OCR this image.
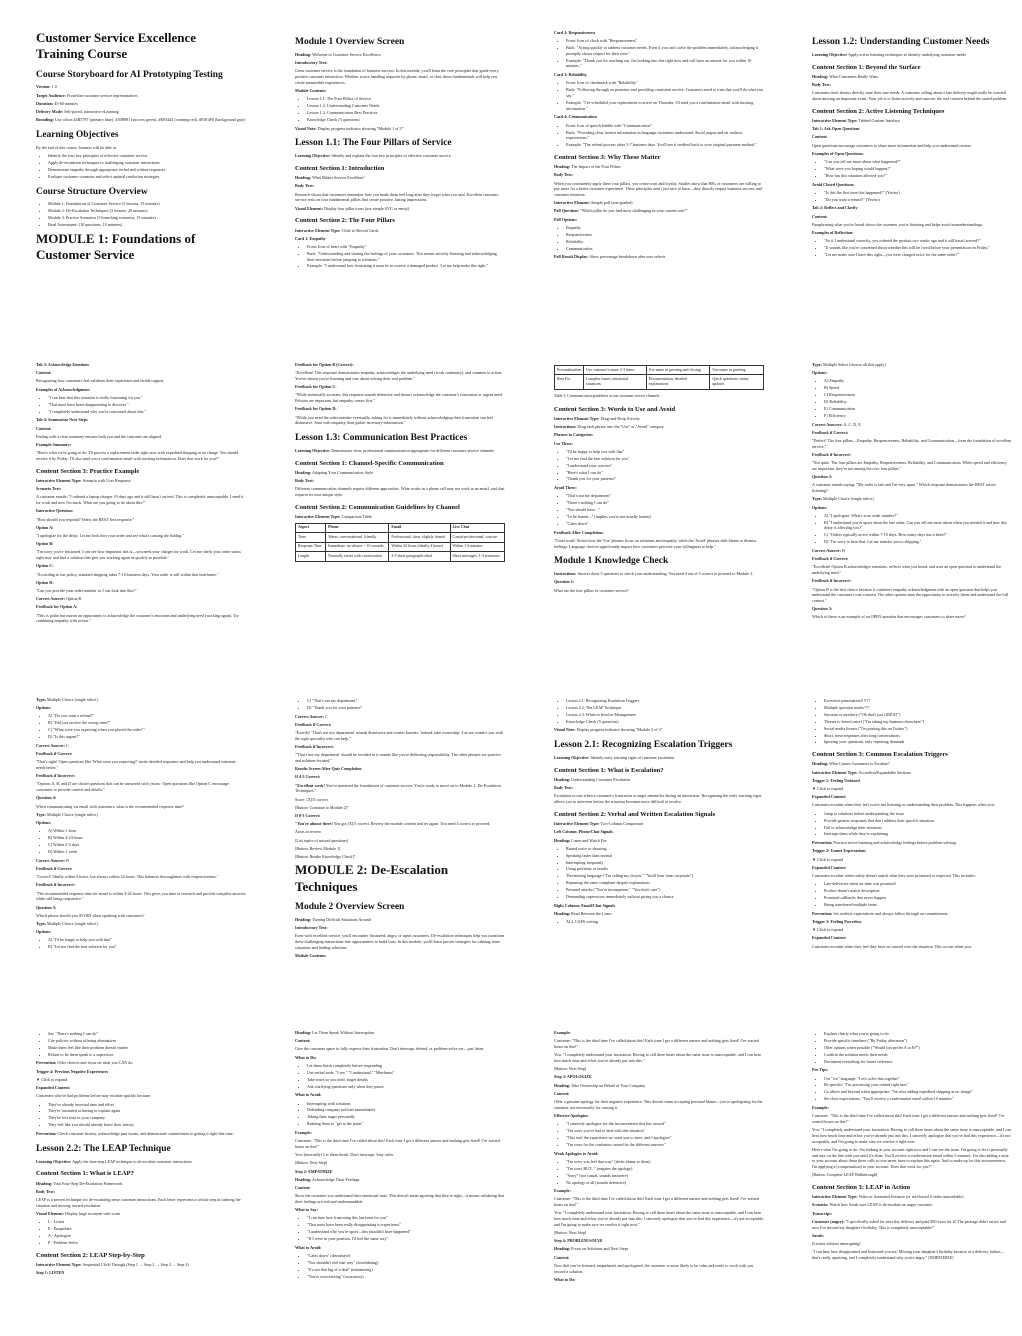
Customer Service Excellence Training Course
Course Storyboard for AI Prototyping Testing

Version: 1.0

Target Audience: Front-line customer service representatives

Duration: 45-60 minutes

Delivery Mode: Self-paced, interactive eLearning

Branding: Use colors #2B5797 (primary blue), #10B981 (success green), #EF4444 (warning red), #F3F4F6 (background gray)

Learning Objectives

By the end of this course, learners will be able to:

• Identify the four key principles of effective customer service
• Apply de-escalation techniques to challenging customer interactions
• Demonstrate empathy through appropriate verbal and written responses
• Evaluate customer scenarios and select optimal resolution strategies
Course Structure Overview
• Module 1: Foundations of Customer Service (3 lessons, 15 minutes)
• Module 2: De-Escalation Techniques (3 lessons, 20 minutes)
• Module 3: Practice Scenarios (5 branching scenarios, 15 minutes)
• Final Assessment: (10 questions, 10 minutes)
MODULE 1: Foundations of Customer Service
Module 1 Overview Screen

Heading: Welcome to Customer Service Excellence

Introductory Text:

Great customer service is the foundation of business success. In this module, you'll learn the core principles that guide every positive customer interaction. Whether you're handling inquiries by phone, email, or chat, these fundamentals will help you create memorable experiences.

Module Contents:

• Lesson 1.1: The Four Pillars of Service
• Lesson 1.2: Understanding Customer Needs
• Lesson 1.3: Communication Best Practices
• Knowledge Check (5 questions)

Visual Note: Display progress indicator showing "Module 1 of 3"

Lesson 1.1: The Four Pillars of Service

Learning Objective: Identify and explain the four key principles of effective customer service

Content Section 1: Introduction

Heading: What Makes Service Excellent?

Body Text:

Research shows that customers remember how you made them feel long after they forget what you said. Excellent customer service rests on four fundamental pillars that create positive, lasting impressions.

Visual Element: Display four pillar icons (use simple SVG or emoji)

Content Section 2: The Four Pillars

Interactive Element Type: Click-to-Reveal Cards

Card 1: Empathy

• Front: Icon of heart with "Empathy"
• Back: "Understanding and sharing the feelings of your customers. This means actively listening and acknowledging their emotions before jumping to solutions."
• Example: "I understand how frustrating it must be to receive a damaged product. Let me help make this right."

Card 2: Responsiveness

• Front: Icon of clock with "Responsiveness"
• Back: "Acting quickly to address customer needs. Even if you can't solve the problem immediately, acknowledging it promptly shows respect for their time."
• Example: "Thank you for reaching out. I'm looking into this right now and will have an answer for you within 10 minutes."

Card 3: Reliability

• Front: Icon of checkmark with "Reliability"
• Back: "Following through on promises and providing consistent service. Customers need to trust that you'll do what you say."
• Example: "I've scheduled your replacement to arrive on Thursday. I'll send you a confirmation email with tracking information."

Card 4: Communication

• Front: Icon of speech bubble with "Communication"
• Back: "Providing clear, honest information in language customers understand. Avoid jargon and set realistic expectations."
• Example: "The refund process takes 5-7 business days. You'll see it credited back to your original payment method."
Content Section 3: Why These Matter

Heading: The Impact of the Four Pillars

Body Text:

When you consistently apply these four pillars, you create trust and loyalty. Studies show that 86% of customers are willing to pay more for a better customer experience. These principles aren't just nice to have—they directly impact business success and customer retention.

Interactive Element: Simple poll (non-graded)

Poll Question: "Which pillar do you find most challenging in your current role?"

Poll Options:

• Empathy
• Responsiveness
• Reliability
• Communication

Poll Result Display: Show percentage breakdown after user selects

Lesson 1.2: Understanding Customer Needs

Learning Objective: Apply active listening techniques to identify underlying customer needs

Content Section 1: Beyond the Surface

Heading: What Customers Really Want

Body Text:

Customers don't always directly state their true needs. A customer calling about a late delivery might really be worried about missing an important event. Your job is to listen actively and uncover the real concern behind the stated problem.

Content Section 2: Active Listening Techniques

Interactive Element Type: Tabbed Content Interface

Tab 1: Ask Open Questions

Content:

Open questions encourage customers to share more information and help you understand context.

Examples of Open Questions:

• "Can you tell me more about what happened?"
• "What were you hoping would happen?"
• "How has this situation affected you?"

Avoid Closed Questions:

• "Is this the first time this happened?" (Yes/no)
• "Do you want a refund?" (Yes/no)

Tab 2: Reflect and Clarify

Content:

Paraphrasing what you've heard shows the customer you're listening and helps avoid misunderstandings.

Examples of Reflection:

• "So if I understand correctly, you ordered the product two weeks ago and it still hasn't arrived?"
• "It sounds like you're concerned about whether this will be fixed before your presentation on Friday."
• "Let me make sure I have this right—you were charged twice for the same order?"

Tab 3: Acknowledge Emotions

Content:

Recognizing how customers feel validates their experience and builds rapport.

Examples of Acknowledgment:

• "I can hear that this situation is really frustrating for you."
• "That must have been disappointing to discover."
• "I completely understand why you're concerned about this."

Tab 4: Summarize Next Steps

Content:

Ending with a clear summary ensures both you and the customer are aligned.

Example Summary:

"Here's what we're going to do: I'll process a replacement order right now with expedited shipping at no charge. You should receive it by Friday. I'll also send you a confirmation email with tracking information. Does that work for you?"

Content Section 3: Practice Example

Interactive Element Type: Scenario with User Response

Scenario Text:

A customer emails: "I ordered a laptop charger 10 days ago and it still hasn't arrived. This is completely unacceptable. I need it for work and now I'm stuck. What are you going to do about this?"

Interactive Question:

"How should you respond? Select the BEST first response:"

Option A:

"I apologize for the delay. Let me look into your order and see what's causing the holdup."

Option B:

"I'm sorry you're frustrated. I can see how important this is—you need your charger for work. Let me check your order status right now and find a solution that gets you working again as quickly as possible."

Option C:

"According to our policy, standard shipping takes 7-14 business days. Your order is still within that timeframe."

Option D:

"Can you provide your order number so I can look into this?"

Correct Answer: Option B

Feedback for Option A:

"This is polite but misses an opportunity to acknowledge the customer's emotions and underlying need (working again). Try combining empathy with action."

Feedback for Option B (Correct):

"Excellent! This response demonstrates empathy, acknowledges the underlying need (work continuity), and commits to action. You've shown you're listening and care about solving their real problem."

Feedback for Option C:

"While technically accurate, this response sounds defensive and doesn't acknowledge the customer's frustration or urgent need. Policies are important, but empathy comes first."

Feedback for Option D:

"While you need the order number eventually, asking for it immediately without acknowledging their frustration can feel dismissive. Start with empathy, then gather necessary information."

Lesson 1.3: Communication Best Practices

Learning Objective: Demonstrate clear, professional communication appropriate for different customer service channels

Content Section 1: Channel-Specific Communication

Heading: Adapting Your Communication Style

Body Text:

Different communication channels require different approaches. What works in a phone call may not work in an email, and chat requires its own unique style.

Content Section 2: Communication Guidelines by Channel

Interactive Element Type: Comparison Table

Aspect	Phone	Email	Live Chat
Tone	Warm, conversational, friendly	Professional, clear, slightly formal	Casual-professional, concise
Response Time	Immediate, no silence > 10 seconds	Within 24 hours (ideally 4 hours)	Within 1-2 minutes
Length	Naturally varies with conversation	3-5 short paragraphs ideal	Short messages, 1-3 sentences
Personalization	Use customer's name 2-3 times	Use name in greeting and closing	Use name in greeting
Best For	Complex issues, emotional situations	Documentation, detailed explanations	Quick questions, status updates
Table 1: Communication guidelines across customer service channels
Content Section 3: Words to Use and Avoid

Interactive Element Type: Drag-and-Drop Activity

Instructions: Drag each phrase into the "Use" or "Avoid" category

Phrases to Categorize:

Use These:

• "I'd be happy to help you with that"
• "Let me find the best solution for you"
• "I understand your concern"
• "Here's what I can do"
• "Thank you for your patience"

Avoid These:

• "That's not my department"
• "There's nothing I can do"
• "You should have..."
• "To be honest..." (implies you're not usually honest)
• "Calm down"

Feedback After Completion:

"Great work! Notice how the 'Use' phrases focus on solutions and empathy, while the 'Avoid' phrases shift blame or dismiss feelings. Language choices significantly impact how customers perceive your willingness to help."

Module 1 Knowledge Check

Instructions: Answer these 5 questions to check your understanding. You need 4 out of 5 correct to proceed to Module 2.

Question 1:

What are the four pillars of customer service?

Type: Multiple Select (choose all that apply)

Options:

• A) Empathy
• B) Speed
• C) Responsiveness
• D) Reliability
• E) Communication
• F) Efficiency

Correct Answers: A, C, D, E

Feedback if Correct:

"Perfect! The four pillars—Empathy, Responsiveness, Reliability, and Communication—form the foundation of excellent service."

Feedback if Incorrect:

"Not quite. The four pillars are Empathy, Responsiveness, Reliability, and Communication. While speed and efficiency are important, they're not among the core four pillars."

Question 2:

A customer emails saying: "My order is late and I'm very upset." Which response demonstrates the BEST active listening?

Type: Multiple Choice (single select)

Options:

• A) "I apologize. What's your order number?"
• B) "I understand you're upset about the late order. Can you tell me more about when you needed it and how this delay is affecting you?"
• C) "Orders typically arrive within 7-10 days. How many days has it been?"
• D) "I'm sorry to hear that. Let me transfer you to shipping."

Correct Answer: B

Feedback if Correct:

"Excellent! Option B acknowledges emotions, reflects what you heard, and uses an open question to understand the underlying need."

Feedback if Incorrect:

"Option B is the best choice because it combines empathy acknowledgment with an open question that helps you understand the customer's true concern. The other options miss the opportunity to actively listen and understand the full context."

Question 3:

Which of these is an example of an OPEN question that encourages customers to share more?

Type: Multiple Choice (single select)

Options:

• A) "Do you want a refund?"
• B) "Did you receive the wrong item?"
• C) "What were you expecting when you placed the order?"
• D) "Is this urgent?"

Correct Answer: C

Feedback if Correct:

"That's right! Open questions like 'What were you expecting?' invite detailed responses and help you understand customer needs better."

Feedback if Incorrect:

"Options A, B, and D are closed questions that can be answered with yes/no. Open questions like Option C encourage customers to provide context and details."

Question 4:

When communicating via email with customers, what is the recommended response time?

Type: Multiple Choice (single select)

Options:

• A) Within 1 hour
• B) Within 4-24 hours
• C) Within 2-3 days
• D) Within 1 week

Correct Answer: B

Feedback if Correct:

"Correct! Ideally within 4 hours, but always within 24 hours. This balances thoroughness with responsiveness."

Feedback if Incorrect:

"The recommended response time for email is within 4-24 hours. This gives you time to research and provide complete answers while still being responsive."

Question 5:

Which phrase should you AVOID when speaking with customers?

Type: Multiple Choice (single select)

Options:

• A) "I'd be happy to help you with that"
• B) "Let me find the best solution for you"
• C) "That's not my department"
• D) "Thank you for your patience"

Correct Answer: C

Feedback if Correct:

"Exactly! 'That's not my department' sounds dismissive and creates barriers. Instead, take ownership: 'Let me connect you with the right specialist who can help.'"

Feedback if Incorrect:

"'That's not my department' should be avoided as it sounds like you're deflecting responsibility. The other phrases are positive and solution-focused."

Results Screen After Quiz Completion

If 4-5 Correct:

"Excellent work! You've mastered the foundations of customer service. You're ready to move on to Module 2: De-Escalation Techniques."

Score: [X]/5 correct

[Button: Continue to Module 2]"

If 0-3 Correct:

"You're almost there! You got [X]/5 correct. Review the module content and try again. You need 4 correct to proceed.

Areas to review:

[List topics of missed questions]

[Button: Review Module 1]

[Button: Retake Knowledge Check]"

MODULE 2: De-Escalation Techniques
Module 2 Overview Screen

Heading: Turning Difficult Situations Around

Introductory Text:

Even with excellent service, you'll encounter frustrated, angry, or upset customers. De-escalation techniques help you transform these challenging interactions into opportunities to build trust. In this module, you'll learn proven strategies for calming tense situations and finding solutions.

Module Contents:

• Lesson 2.1: Recognizing Escalation Triggers
• Lesson 2.2: The LEAP Technique
• Lesson 2.3: When to Involve Management
• Knowledge Check (5 questions)

Visual Note: Display progress indicator showing "Module 2 of 3"

Lesson 2.1: Recognizing Escalation Triggers

Learning Objective: Identify early warning signs of customer escalation

Content Section 1: What is Escalation?

Heading: Understanding Customer Escalation

Body Text:

Escalation occurs when a customer's frustration or anger intensifies during an interaction. Recognizing the early warning signs allows you to intervene before the situation becomes more difficult to resolve.

Content Section 2: Verbal and Written Escalation Signals

Interactive Element Type: Two-Column Comparison

Left Column: Phone/Chat Signals

Heading: Listen and Watch For:

• Raised voice or shouting
• Speaking faster than normal
• Interrupting frequently
• Using profanity or insults
• Threatening language ("I'm calling my lawyer," "You'll hear from corporate")
• Repeating the same complaint despite explanations
• Personal attacks ("You're incompetent," "You don't care")
• Demanding supervisors immediately without giving you a chance

Right Column: Email/Chat Signals

Heading: Read Between the Lines:

• ALL CAPS writing
• Excessive punctuation!!!???
• Multiple question marks???
• Sarcasm or mockery ("Oh that's just GREAT")
• Threats to leave/cancel ("I'm taking my business elsewhere")
• Social media threats ("I'm posting this on Twitter")
• Short, terse responses after long conversations
• Ignoring your questions, only repeating demands
Content Section 3: Common Escalation Triggers

Heading: What Causes Customers to Escalate?

Interactive Element Type: Accordion/Expandable Sections

Trigger 1: Feeling Unheard

▼ Click to expand

Expanded Content:

Customers escalate when they feel you're not listening or understanding their problem. This happens when you:

• Jump to solutions before understanding the issue
• Provide generic responses that don't address their specific situation
• Fail to acknowledge their emotions
• Interrupt them while they're explaining

Prevention: Practice active listening and acknowledge feelings before problem-solving.

Trigger 2: Unmet Expectations

▼ Click to expand

Expanded Content:

Customers escalate when reality doesn't match what they were promised or expected. This includes:

• Late deliveries when on-time was promised
• Product doesn't match description
• Promised callbacks that never happen
• Being transferred multiple times

Prevention: Set realistic expectations and always follow through on commitments.

Trigger 3: Feeling Powerless

▼ Click to expand

Expanded Content:

Customers escalate when they feel they have no control over the situation. This occurs when you:

• Say "There's nothing I can do"
• Cite policies without offering alternatives
• Make them feel like their problem doesn't matter
• Refuse to let them speak to a supervisor

Prevention: Offer choices and focus on what you CAN do.

Trigger 4: Previous Negative Experiences

▼ Click to expand

Expanded Content:

Customers who've had problems before may escalate quickly because:

• They've already invested time and effort
• They're frustrated at having to explain again
• They've lost trust in your company
• They feel like you should already know their history

Prevention: Check customer history, acknowledge past issues, and demonstrate commitment to getting it right this time.

Lesson 2.2: The LEAP Technique

Learning Objective: Apply the four-step LEAP technique to de-escalate customer interactions

Content Section 1: What is LEAP?

Heading: Your Four-Step De-Escalation Framework

Body Text:

LEAP is a proven technique for de-escalating tense customer interactions. Each letter represents a critical step in calming the situation and moving toward resolution.

Visual Element: Display large acronym with icons

• L - Listen
• E - Empathize
• A - Apologize
• P - Problem-Solve
Content Section 2: LEAP Step-by-Step

Interactive Element Type: Sequential Click-Through (Step 1 → Step 2 → Step 3 → Step 4)

Step 1: LISTEN

Heading: Let Them Speak Without Interruption

Content:

Give the customer space to fully express their frustration. Don't interrupt, defend, or problem-solve yet—just listen.

What to Do:

• Let them finish completely before responding
• Use verbal nods: "I see," "I understand," "Mm-hmm"
• Take notes so you don't forget details
• Ask clarifying questions only when they pause

What to Avoid:

• Interrupting with solutions
• Defending company policies immediately
• Taking their anger personally
• Rushing them to "get to the point"

Example:

Customer: "This is the third time I've called about this! Each time I get a different answer and nothing gets fixed! I've wasted hours on this!"

You: (internally) Let them finish. Don't interrupt. Stay calm.

[Button: Next Step]

Step 2: EMPATHIZE

Heading: Acknowledge Their Feelings

Content:

Show the customer you understand their emotional state. This doesn't mean agreeing that they're right—it means validating that their feelings are real and understandable.

What to Say:

• "I can hear how frustrating this has been for you"
• "That must have been really disappointing to experience"
• "I understand why you're upset—this shouldn't have happened"
• "If I were in your position, I'd feel the same way"

What to Avoid:

• "Calm down" (dismissive)
• "You shouldn't feel that way" (invalidating)
• "It's not that big of a deal" (minimizing)
• "You're overreacting" (accusatory)

Example:

Customer: "This is the third time I've called about this! Each time I get a different answer and nothing gets fixed! I've wasted hours on this!"

You: "I completely understand your frustration. Having to call three times about the same issue is unacceptable, and I can hear how much time and effort you've already put into this."

[Button: Next Step]

Step 3: APOLOGIZE

Heading: Take Ownership on Behalf of Your Company

Content:

Offer a genuine apology for their negative experience. This doesn't mean accepting personal blame—you're apologizing for the situation, not necessarily for causing it.

Effective Apologies:

• "I sincerely apologize for the inconvenience this has caused"
• "I'm sorry you've had to deal with this situation"
• "This isn't the experience we want you to have, and I apologize"
• "I'm sorry for the confusion caused by the different answers"

Weak Apologies to Avoid:

• "I'm sorry you feel that way" (shifts blame to them)
• "I'm sorry BUT..." (negates the apology)
• "Sorry" (too casual, sounds insincere)
• No apology at all (sounds defensive)

Example:

Customer: "This is the third time I've called about this! Each time I get a different answer and nothing gets fixed! I've wasted hours on this!"

You: "I completely understand your frustration. Having to call three times about the same issue is unacceptable, and I can hear how much time and effort you've already put into this. I sincerely apologize that you've had this experience—it's not acceptable, and I'm going to make sure we resolve it right now."

[Button: Next Step]

Step 4: PROBLEM-SOLVE

Heading: Focus on Solutions and Next Steps

Content:

Now that you've listened, empathized, and apologized, the customer is more likely to be calm and ready to work with you toward a solution.

What to Do:

• Explain clearly what you're going to do
• Provide specific timelines ("By Friday afternoon")
• Offer options when possible ("Would you prefer A or B?")
• Confirm the solution meets their needs
• Document everything for future reference

Pro Tips:

• Use "we" language: "Let's solve this together"
• Be specific: "I'm processing your refund right now"
• Go above and beyond when appropriate: "I'm also adding expedited shipping at no charge"
• Set clear expectations: "You'll receive a confirmation email within 10 minutes"

Example:

Customer: "This is the third time I've called about this! Each time I get a different answer and nothing gets fixed! I've wasted hours on this!"

You: "I completely understand your frustration. Having to call three times about the same issue is unacceptable, and I can hear how much time and effort you've already put into this. I sincerely apologize that you've had this experience—it's not acceptable, and I'm going to make sure we resolve it right now.

Here's what I'm going to do: I'm looking at your account right now and I can see the issue. I'm going to fix it personally and stay on the line with you until it's done. You'll receive a confirmation email within 5 minutes. I'm also adding a note to your account about these three calls so you never have to explain this again. And to make up for this inconvenience, I'm applying a [compensation] to your account. Does that work for you?"

[Button: Complete LEAP Walkthrough]

Content Section 3: LEAP in Action

Interactive Element Type: Video or Animated Scenario (or text-based if video unavailable)

Scenario: Watch how Sarah uses LEAP to de-escalate an angry customer

Transcript:

Customer (angry): "I specifically asked for next-day delivery and paid $50 extra for it! The package didn't arrive and now I've missed my daughter's birthday. This is completely unacceptable!"

Sarah:

[Listens without interrupting]

"I can hear how disappointed and frustrated you are. Missing your daughter's birthday because of a delivery failure—that's really upsetting, and I completely understand why you're angry." [EMPATHIZE]
